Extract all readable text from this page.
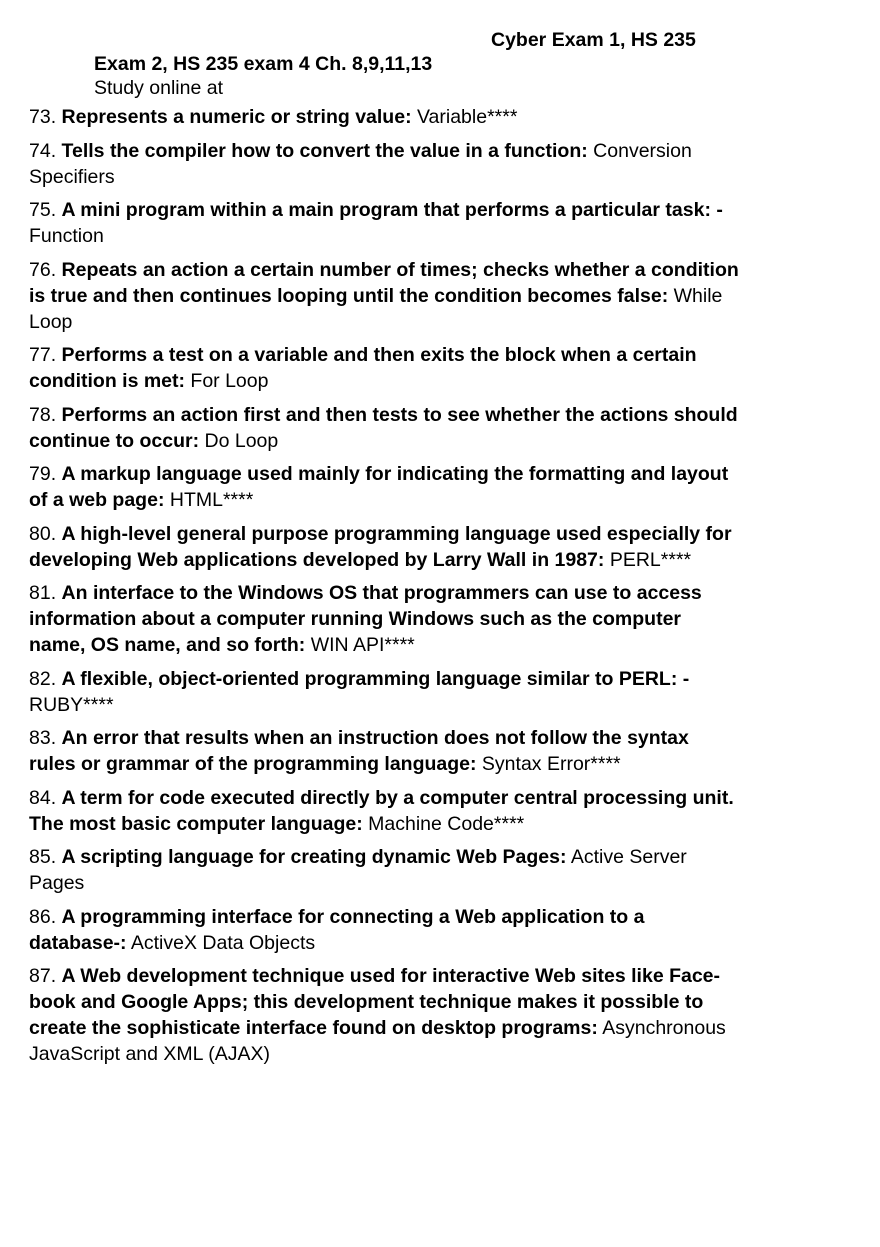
Cyber Exam 1, HS 235
Exam 2, HS 235 exam 4 Ch. 8,9,11,13
Study online at
73. Represents a numeric or string value: Variable****
74. Tells the compiler how to convert the value in a function: Conversion Specifiers
75. A mini program within a main program that performs a particular task: - Function
76. Repeats an action a certain number of times; checks whether a condition is true and then continues looping until the condition becomes false: While Loop
77. Performs a test on a variable and then exits the block when a certain condition is met: For Loop
78. Performs an action first and then tests to see whether the actions should continue to occur: Do Loop
79. A markup language used mainly for indicating the formatting and layout of a web page: HTML****
80. A high-level general purpose programming language used especially for developing Web applications developed by Larry Wall in 1987: PERL****
81. An interface to the Windows OS that programmers can use to access information about a computer running Windows such as the computer name, OS name, and so forth: WIN API****
82. A flexible, object-oriented programming language similar to PERL: - RUBY****
83. An error that results when an instruction does not follow the syntax rules or grammar of the programming language: Syntax Error****
84. A term for code executed directly by a computer central processing unit. The most basic computer language: Machine Code****
85. A scripting language for creating dynamic Web Pages: Active Server Pages
86. A programming interface for connecting a Web application to a database-: ActiveX Data Objects
87. A Web development technique used for interactive Web sites like Face-book and Google Apps; this development technique makes it possible to create the sophisticate interface found on desktop programs: Asynchronous JavaScript and XML (AJAX)
